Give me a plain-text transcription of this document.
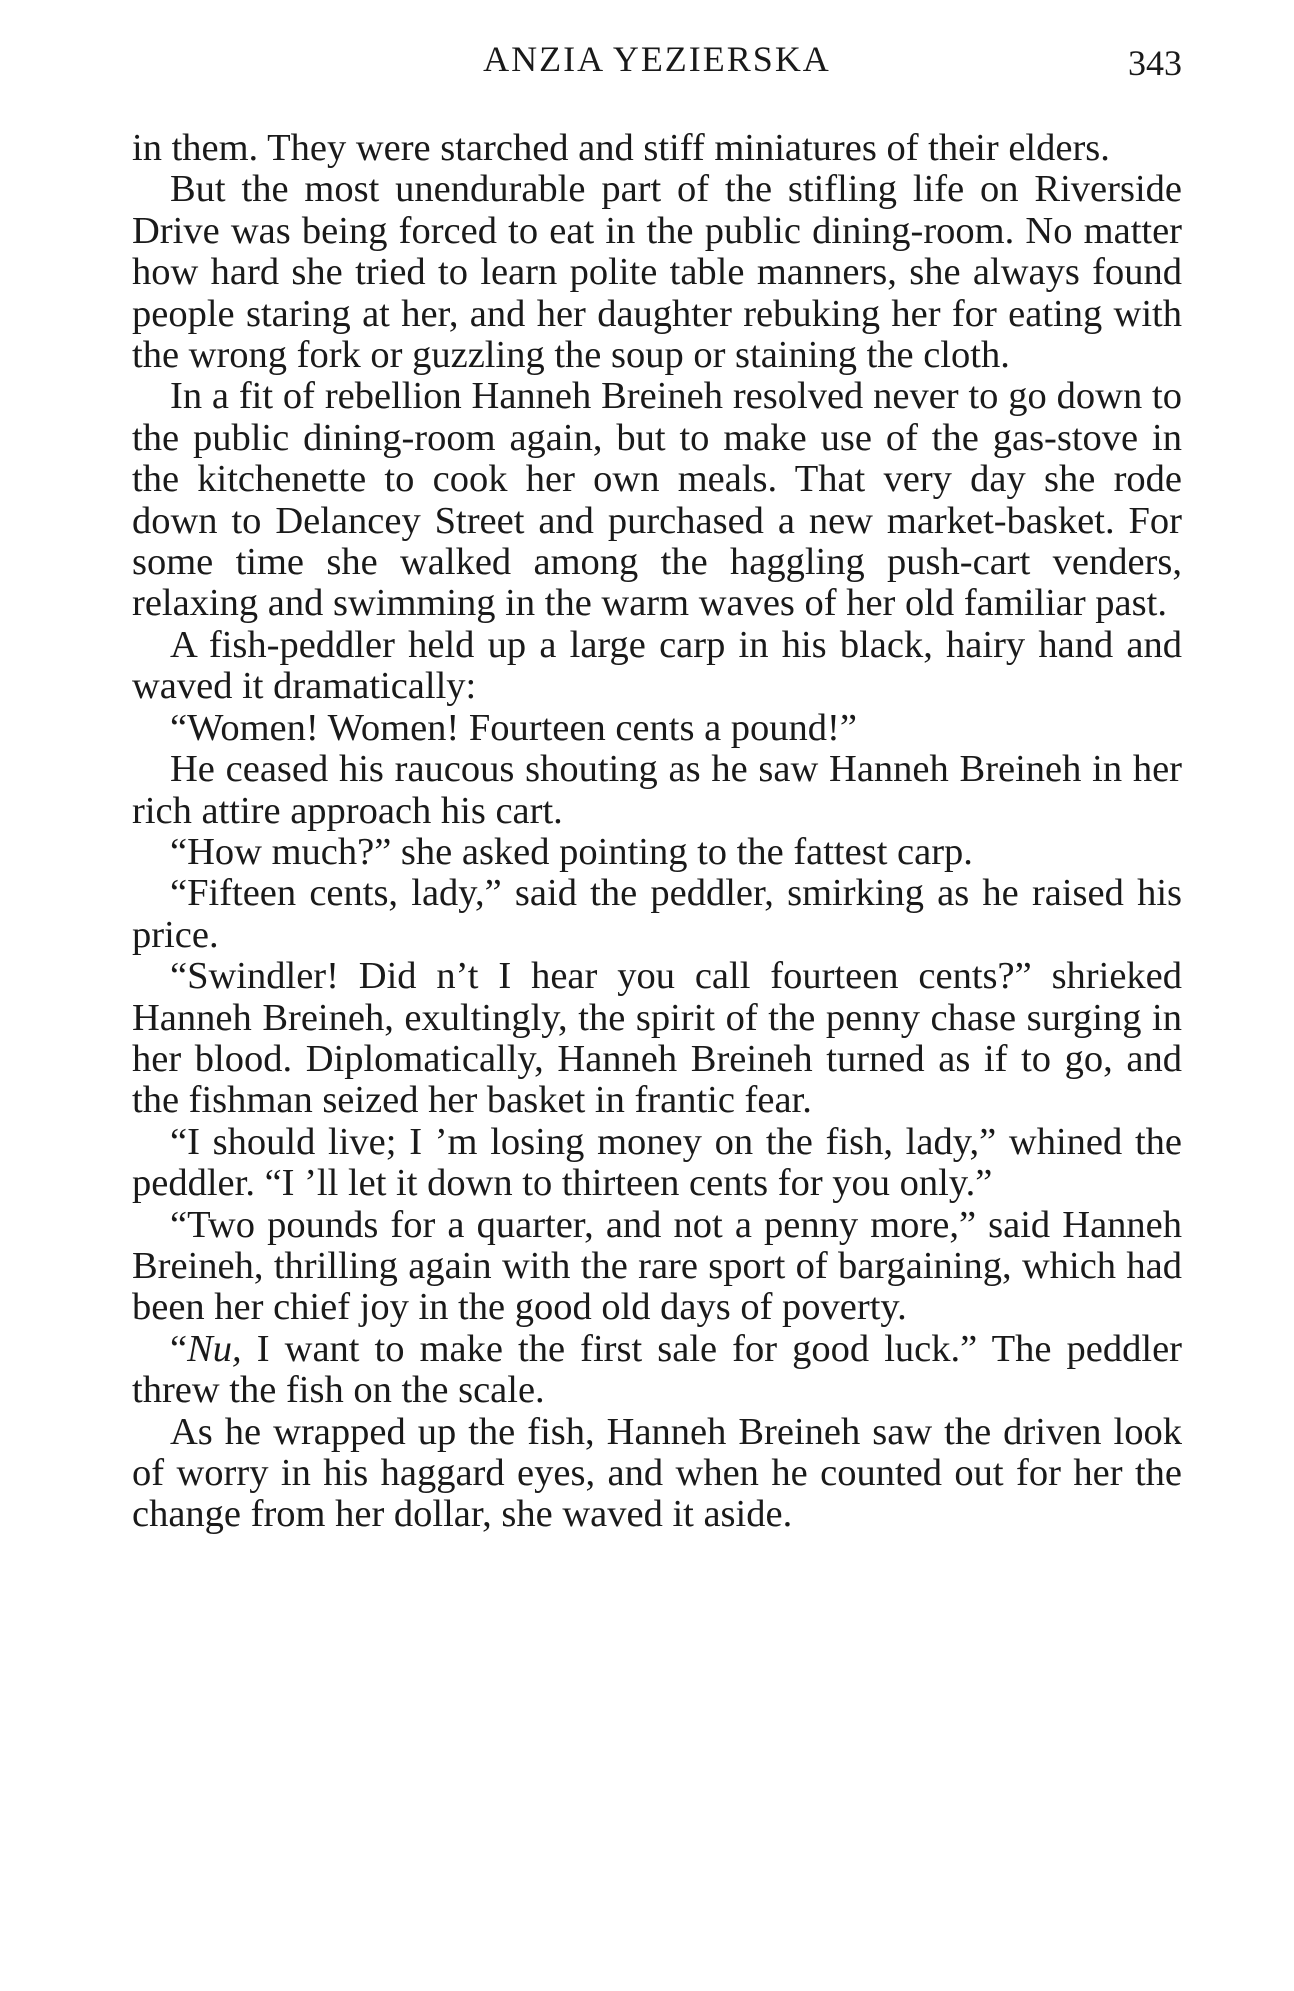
ANZIA YEZIERSKA	343

in them. They were starched and stiff miniatures of their elders.

But the most unendurable part of the stifling life on Riverside Drive was being forced to eat in the public dining-room. No matter how hard she tried to learn polite table manners, she always found people staring at her, and her daughter rebuking her for eating with the wrong fork or guzzling the soup or staining the cloth.

In a fit of rebellion Hanneh Breineh resolved never to go down to the public dining-room again, but to make use of the gas-stove in the kitchenette to cook her own meals. That very day she rode down to Delancey Street and purchased a new market-basket. For some time she walked among the haggling push-cart venders, relaxing and swimming in the warm waves of her old familiar past.

A fish-peddler held up a large carp in his black, hairy hand and waved it dramatically:

“Women! Women! Fourteen cents a pound!”

He ceased his raucous shouting as he saw Hanneh Breineh in her rich attire approach his cart.

“How much?” she asked pointing to the fattest carp.

“Fifteen cents, lady,” said the peddler, smirking as he raised his price.

“Swindler! Did n’t I hear you call fourteen cents?” shrieked Hanneh Breineh, exultingly, the spirit of the penny chase surging in her blood. Diplomatically, Hanneh Breineh turned as if to go, and the fishman seized her basket in frantic fear.

“I should live; I ’m losing money on the fish, lady,” whined the peddler. “I ’ll let it down to thirteen cents for you only.”

“Two pounds for a quarter, and not a penny more,” said Hanneh Breineh, thrilling again with the rare sport of bargaining, which had been her chief joy in the good old days of poverty.

“Nu, I want to make the first sale for good luck.” The peddler threw the fish on the scale.

As he wrapped up the fish, Hanneh Breineh saw the driven look of worry in his haggard eyes, and when he counted out for her the change from her dollar, she waved it aside.
